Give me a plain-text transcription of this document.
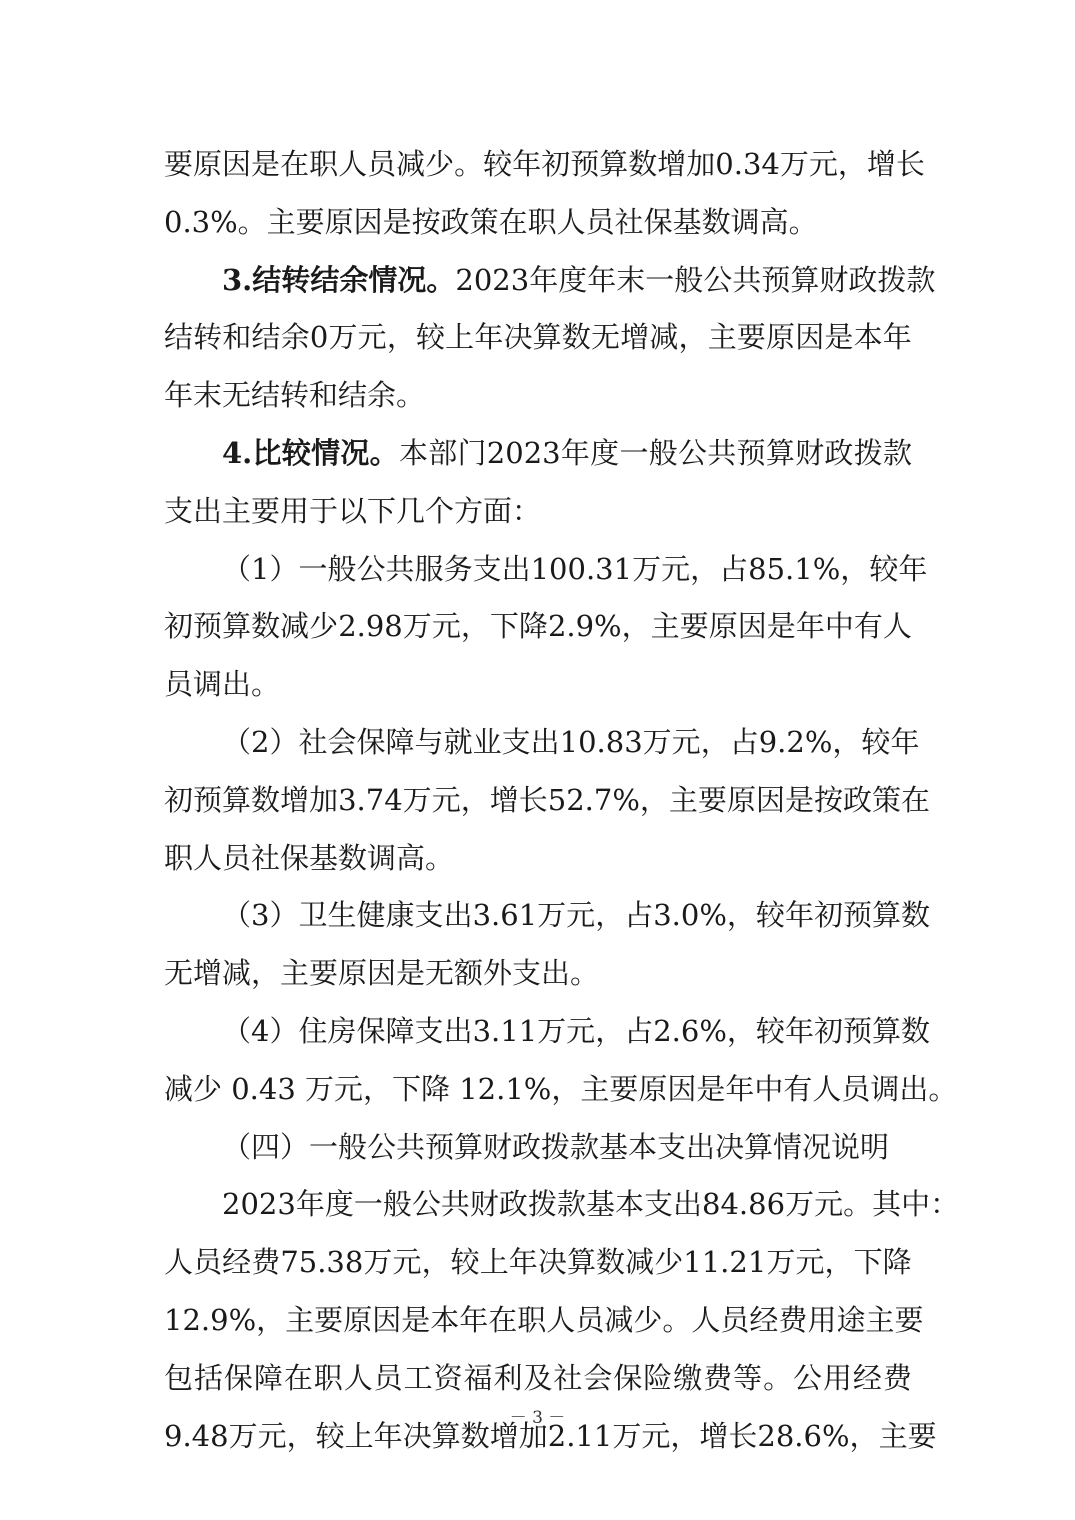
要 原 因 是 在 职 人 员 减 少 。 较 年 初 预 算 数 增 加 0.34 万 元 ， 增 长
0.3%。主要原因是按政策在职人员社保基数调高。
3. 结 转 结 余 情 况 。 2023 年 度 年 末 一 般 公 共 预 算 财 政 拨 款
结 转 和 结 余 0 万 元 ， 较 上 年 决 算 数 无 增 减 ， 主 要 原 因 是 本 年
年末无结转和结余。
4. 比 较 情 况 。 本 部 门 2023 年 度 一 般 公 共 预 算 财 政 拨 款
支出主要用于以下几个方面：
（ 1 ） 一 般 公 共 服 务 支 出 100.31 万 元 ， 占 85.1% ， 较 年
初 预 算 数 减 少 2.98 万 元 ， 下 降 2.9% ， 主 要 原 因 是 年 中 有 人
员调出。
（ 2 ） 社 会 保 障 与 就 业 支 出 10.83 万 元 ， 占 9.2% ， 较 年
初 预 算 数 增 加 3.74 万 元 ， 增 长 52.7% ， 主 要 原 因 是 按 政 策 在
职人员社保基数调高。
（ 3 ） 卫 生 健 康 支 出 3.61 万 元 ， 占 3.0% ， 较 年 初 预 算 数
无增减，主要原因是无额外支出。
（ 4 ） 住 房 保 障 支 出 3.11 万 元 ， 占 2.6% ， 较 年 初 预 算 数
减少 0.43 万元，下降 12.1%，主要原因是年中有人员调出。
（四）一般公共预算财政拨款基本支出决算情况说明
2023 年 度 一 般 公 共 财 政 拨 款 基 本 支 出 84.86 万 元 。 其 中 ：
人 员 经 费 75.38 万 元 ， 较 上 年 决 算 数 减 少 11.21 万 元 ， 下 降
12.9% ， 主 要 原 因 是 本 年 在 职 人 员 减 少 。 人 员 经 费 用 途 主 要
包 括 保 障 在 职 人 员 工 资 福 利 及 社 会 保 险 缴 费 等 。 公 用 经 费
9.48 万 元 ， 较 上 年 决 算 数 增 加 2.11 万 元 ， 增 长 28.6% ， 主 要
－ 3 －
